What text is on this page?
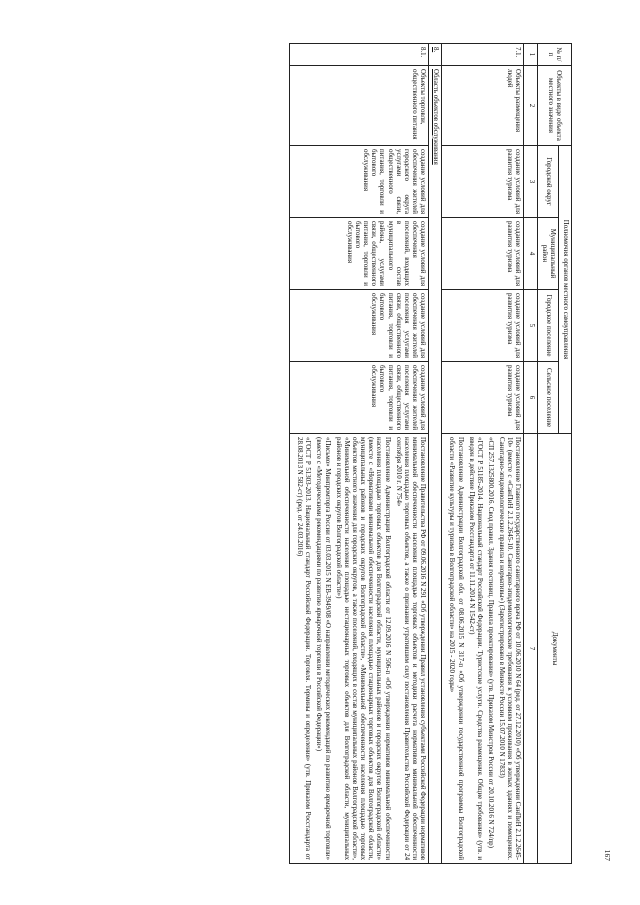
167
№ п/п	Объекты в виде объекта местного значения	Полномочия органов местного самоуправления				Документы
		Городской округ	Муниципальный район	Городское поселение	Сельское поселение	
1	2	3	4	5	6	7
7.1.	Объекты размещения людей	создание условий для развития туризма	создание условий для развития туризма	создание условий для развития туризма	создание условий для развития туризма	Постановление Главного государственного санитарного врача РФ от 10.06.2010 N 64 (ред. от 27.12.2010) «Об утверждении СанПиН 2.1.2.2645-10» (вместе с «СанПиН 2.1.2.2645-10. Санитарно-эпидемиологические требования к условиям проживания в жилых зданиях и помещениях. Санитарно-эпидемиологические правила и нормативы») (Зарегистрировано в Минюсте России 15.07.2010 N 17833)

«СП 257.1325800.2016. Свод правил. Здания гостиниц. Правила проектирования» (утв. Приказом Минстроя России от 20.10.2016 N 724/пр)

«ГОСТ Р 51185-2014. Национальный стандарт Российской Федерации. Туристские услуги. Средства размещения. Общие требования» (утв. и введен в действие Приказом Росстандарта от 11.11.2014 N 1542-ст)

Постановление Администрации Волгоградской обл. от 08.06.2015 N 317-п «Об утверждении государственной программы Волгоградской области «Развитие культуры и туризма в Волгоградской области» на 2015 - 2020 годы»

8.	Область объектов обслуживания					
8.1.	Объекты торговли, общественного питания	создание условий для обеспечения жителей городского округа услугами связи, общественного питания, торговли и бытового обслуживания	создание условий для обеспечения поселений, входящих в состав муниципального района, услугами связи, общественного питания, торговли и бытового обслуживания	создание условий для обеспечения жителей поселения услугами связи, общественного питания, торговли и бытового обслуживания	создание условий для обеспечения жителей поселения услугами связи, общественного питания, торговли и бытового обслуживания	Постановление Правительства РФ от 09.06.2016 N 291 «Об утверждении Правил установления субъектами Российской Федерации нормативов минимальной обеспеченности населения площадью торговых объектов и методики расчета нормативов минимальной обеспеченности населения площадью торговых объектов, а также о признании утратившим силу постановления Правительства Российской Федерации от 24 сентября 2010 г. N 754»

Постановление Администрации Волгоградской области от 12.09.2016 N 506-п «Об утверждении нормативов минимальной обеспеченности населения площадью торговых объектов для Волгоградской области, муниципальных районов и городских округов Волгоградской области» (вместе с «Нормативами минимальной обеспеченности населения площадью стационарных торговых объектов для Волгоградской области, муниципальных районов и городских округов Волгоградской области», «Минимальной обеспеченности населения площадью торговых объектов местного значения для городских округов, а также поселений, входящих в состав муниципальных районов Волгоградской области», «Минимальной обеспеченности населения площадью нестационарных торговых объектов для Волгоградской области, муниципальных районов и городских округов Волгоградской области»)

«Письмо» Минпромторга России от 03.03.2015 N ЕВ-3949/08 «О направлении методических рекомендаций по развитию ярмарочной торговли» (вместе с «Методическими рекомендациями по развитию ярмарочной торговли в Российской Федерации»)

«ГОСТ Р 51303-2013. Национальный стандарт Российской Федерации. Торговля. Термины и определения» (утв. Приказом Росстандарта от 28.08.2013 N 582-ст) (ред. от 24.03.2016)
